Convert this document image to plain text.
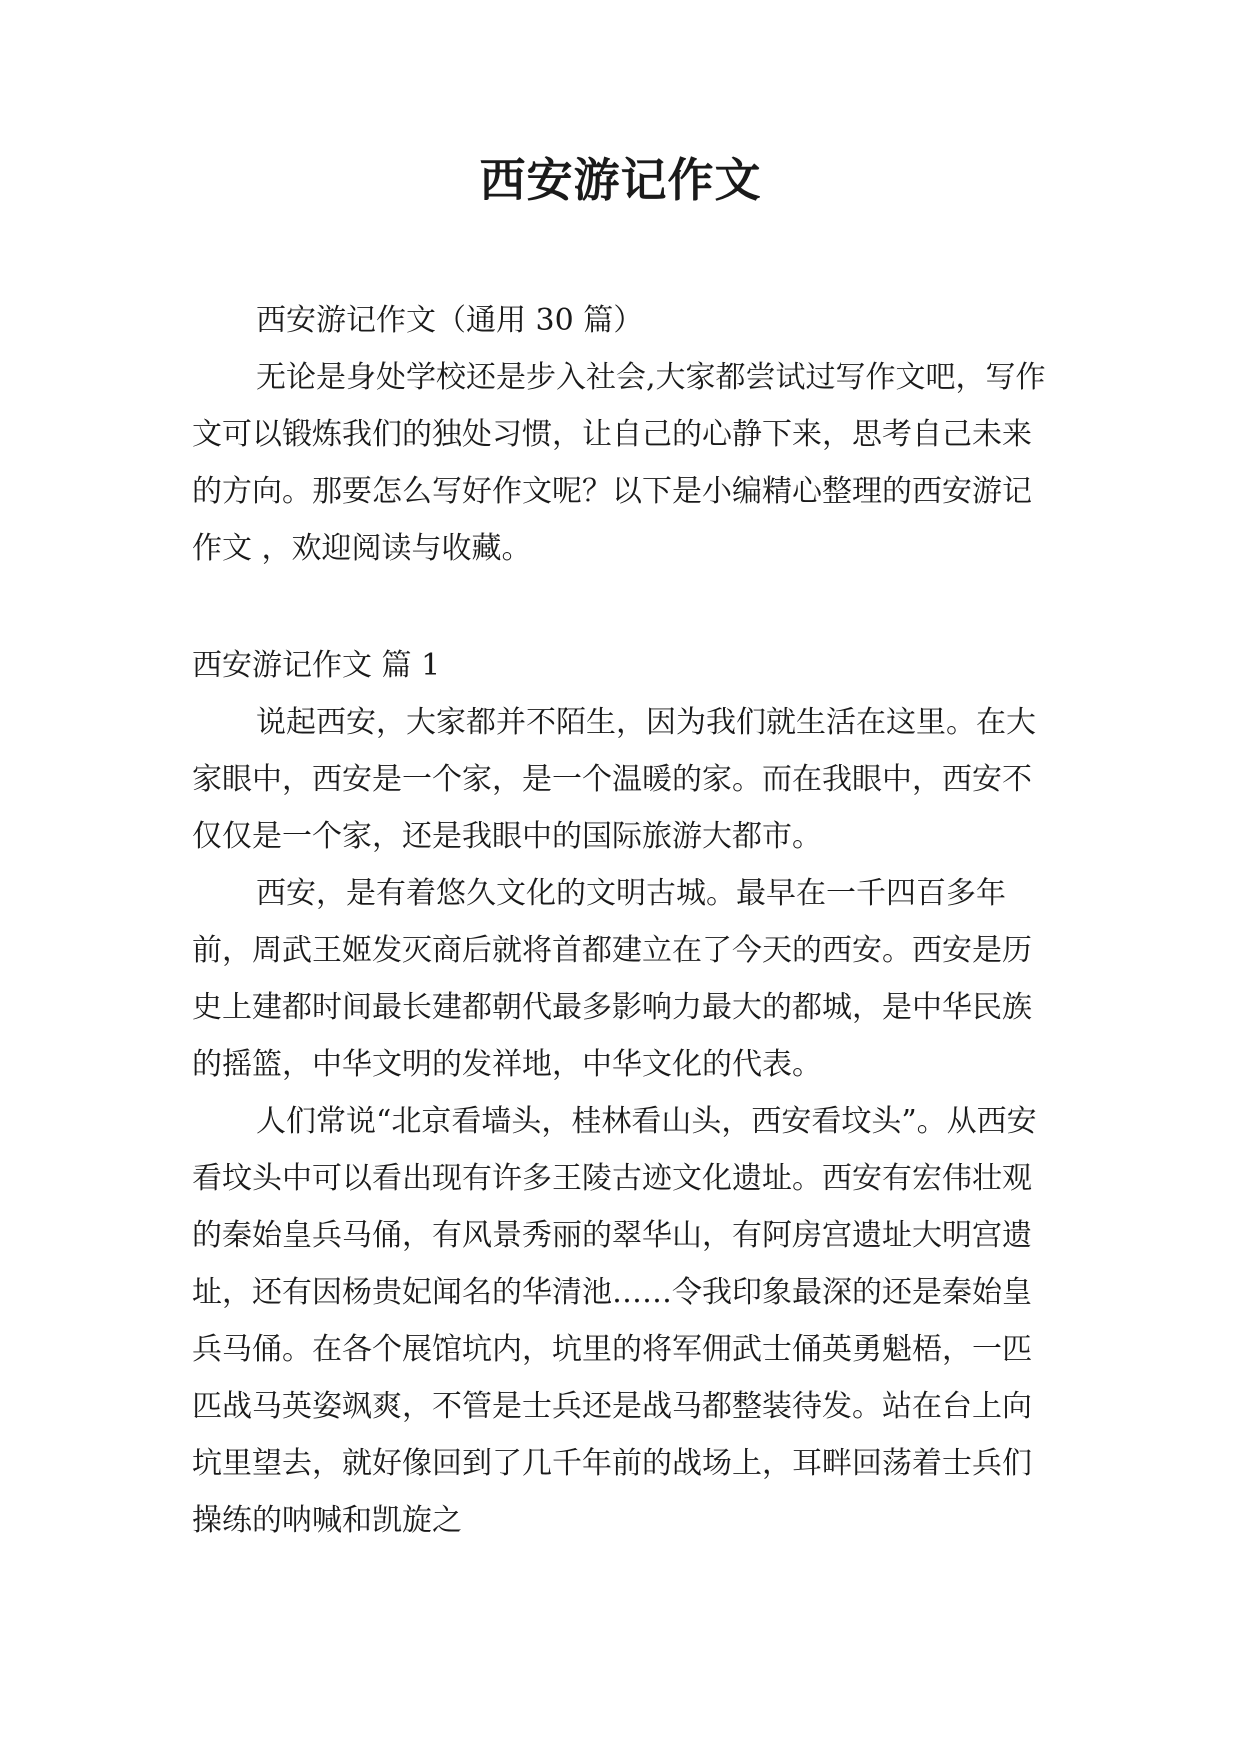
西安游记作文

西安游记作文（通用 30 篇）

无论是身处学校还是步入社会,大家都尝试过写作文吧，写作文可以锻炼我们的独处习惯，让自己的心静下来，思考自己未来的方向。那要怎么写好作文呢？以下是小编精心整理的西安游记作文 ，欢迎阅读与收藏。

西安游记作文 篇 1

说起西安，大家都并不陌生，因为我们就生活在这里。在大家眼中，西安是一个家，是一个温暖的家。而在我眼中，西安不仅仅是一个家，还是我眼中的国际旅游大都市。

西安，是有着悠久文化的文明古城。最早在一千四百多年前，周武王姬发灭商后就将首都建立在了今天的西安。西安是历史上建都时间最长建都朝代最多影响力最大的都城，是中华民族的摇篮，中华文明的发祥地，中华文化的代表。

人们常说“北京看墙头，桂林看山头，西安看坟头”。从西安看坟头中可以看出现有许多王陵古迹文化遗址。西安有宏伟壮观的秦始皇兵马俑，有风景秀丽的翠华山，有阿房宫遗址大明宫遗址，还有因杨贵妃闻名的华清池……令我印象最深的还是秦始皇兵马俑。在各个展馆坑内，坑里的将军佣武士俑英勇魁梧，一匹匹战马英姿飒爽，不管是士兵还是战马都整装待发。站在台上向坑里望去，就好像回到了几千年前的战场上，耳畔回荡着士兵们操练的呐喊和凯旋之
